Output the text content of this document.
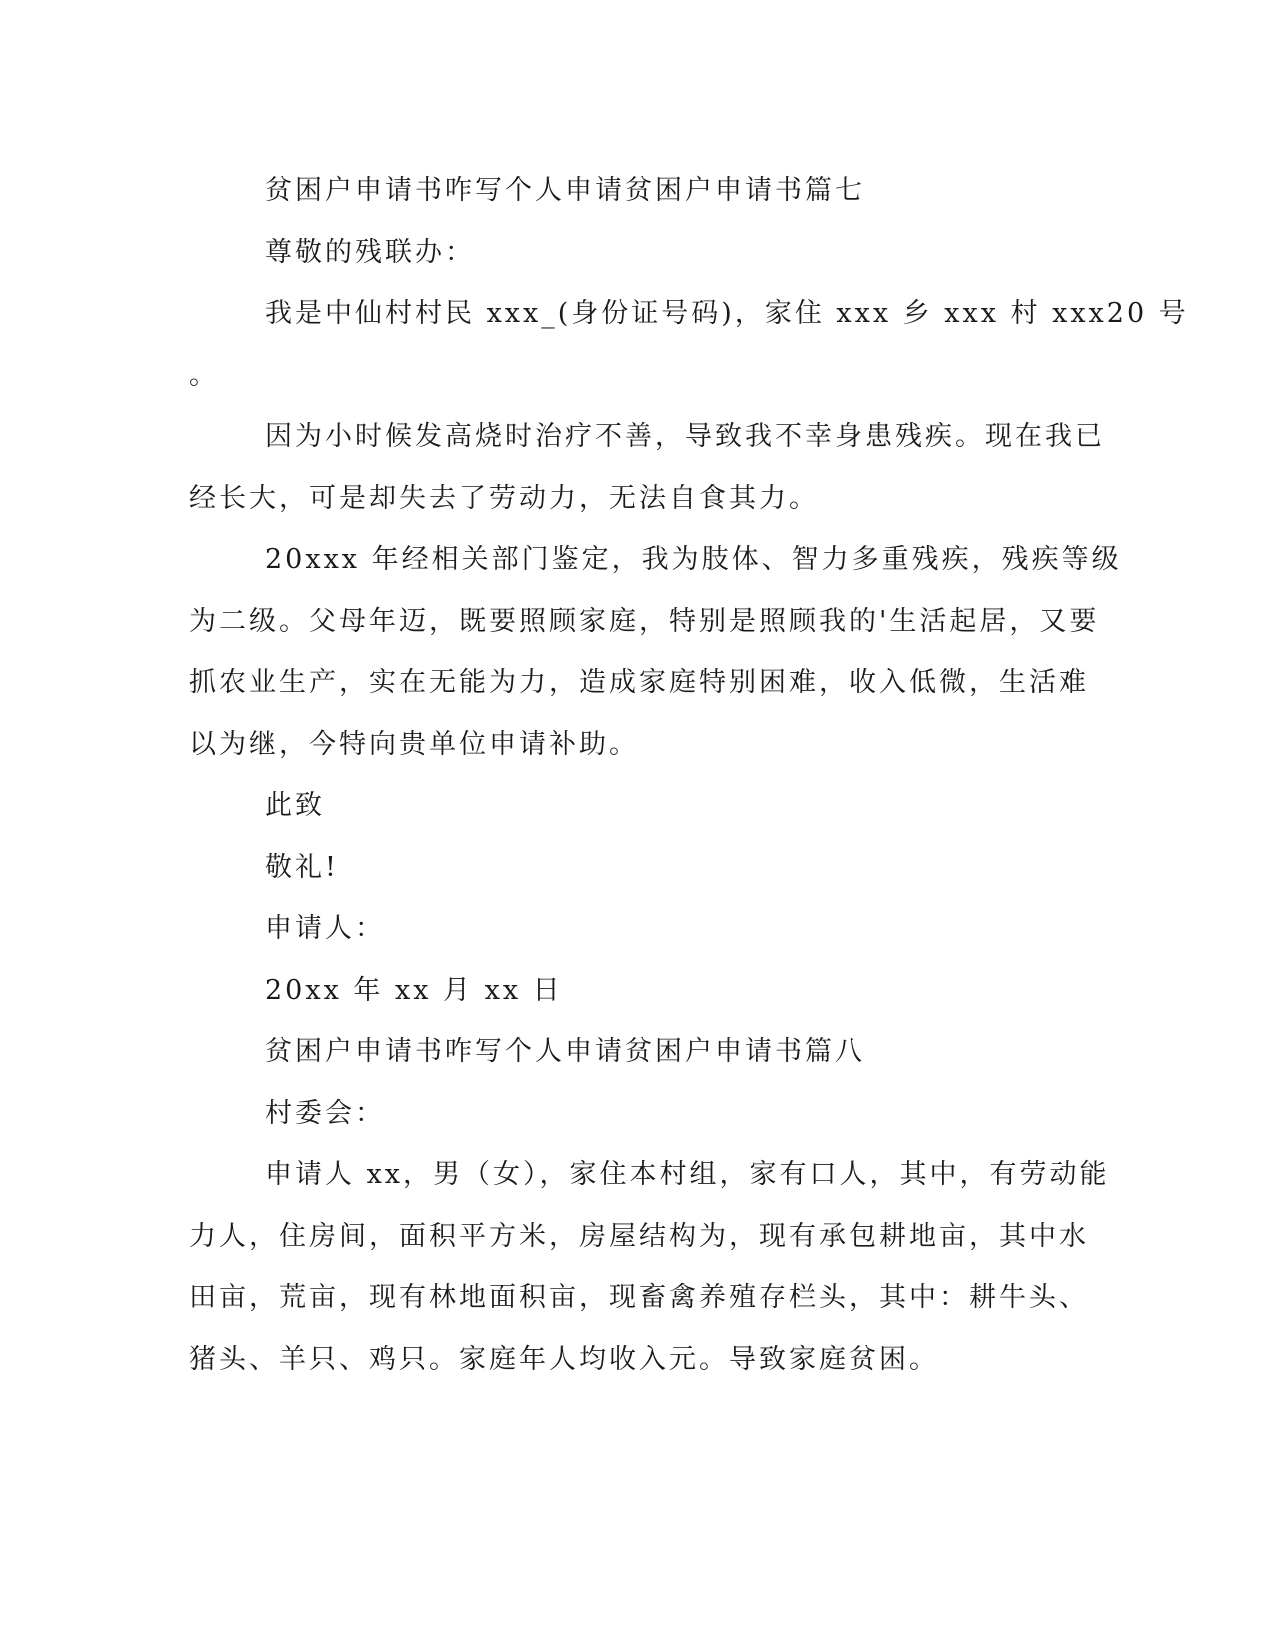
贫困户申请书咋写个人申请贫困户申请书篇七

尊敬的残联办：

我是中仙村村民 xxx_(身份证号码)，家住 xxx 乡 xxx 村 xxx20 号

。

因为小时候发高烧时治疗不善，导致我不幸身患残疾。现在我已

经长大，可是却失去了劳动力，无法自食其力。

20xxx 年经相关部门鉴定，我为肢体、智力多重残疾，残疾等级

为二级。父母年迈，既要照顾家庭，特别是照顾我的'生活起居，又要

抓农业生产，实在无能为力，造成家庭特别困难，收入低微，生活难

以为继，今特向贵单位申请补助。

此致

敬礼!

申请人：

20xx 年 xx 月 xx 日

贫困户申请书咋写个人申请贫困户申请书篇八

村委会：

申请人 xx，男（女），家住本村组，家有口人，其中，有劳动能

力人，住房间，面积平方米，房屋结构为，现有承包耕地亩，其中水

田亩，荒亩，现有林地面积亩，现畜禽养殖存栏头，其中：耕牛头、

猪头、羊只、鸡只。家庭年人均收入元。导致家庭贫困。
